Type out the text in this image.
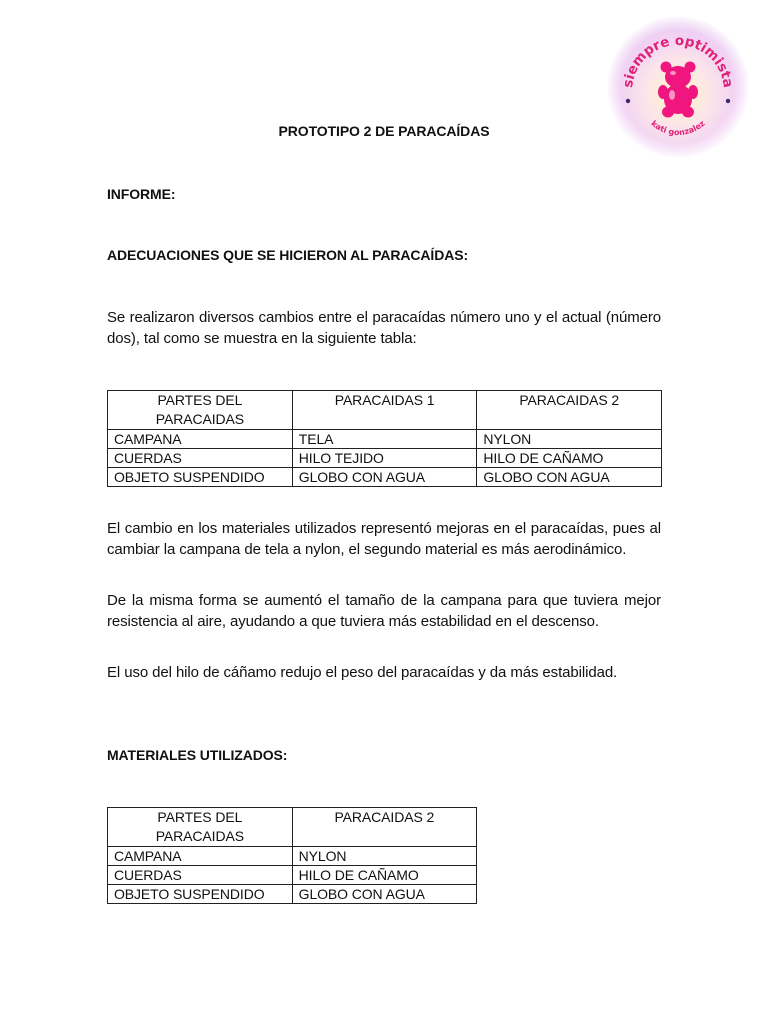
siempre optimista
kati gonzalez
PROTOTIPO 2 DE PARACAÍDAS
INFORME:
ADECUACIONES QUE SE HICIERON AL PARACAÍDAS:
Se realizaron diversos cambios entre el paracaídas número uno y el actual (número dos), tal como se muestra en la siguiente tabla:
PARTES DEL PARACAIDAS	PARACAIDAS 1	PARACAIDAS 2
CAMPANA	TELA	NYLON
CUERDAS	HILO TEJIDO	HILO DE CAÑAMO
OBJETO SUSPENDIDO	GLOBO CON AGUA	GLOBO CON AGUA
El cambio en los materiales utilizados representó mejoras en el paracaídas, pues al cambiar la campana de tela a nylon, el segundo material es más aerodinámico.
De la misma forma se aumentó el tamaño de la campana para que tuviera mejor resistencia al aire, ayudando a que tuviera más estabilidad en el descenso.
El uso del hilo de cáñamo redujo el peso del paracaídas y da más estabilidad.
MATERIALES UTILIZADOS:
PARTES DEL PARACAIDAS	PARACAIDAS 2
CAMPANA	NYLON
CUERDAS	HILO DE CAÑAMO
OBJETO SUSPENDIDO	GLOBO CON AGUA
